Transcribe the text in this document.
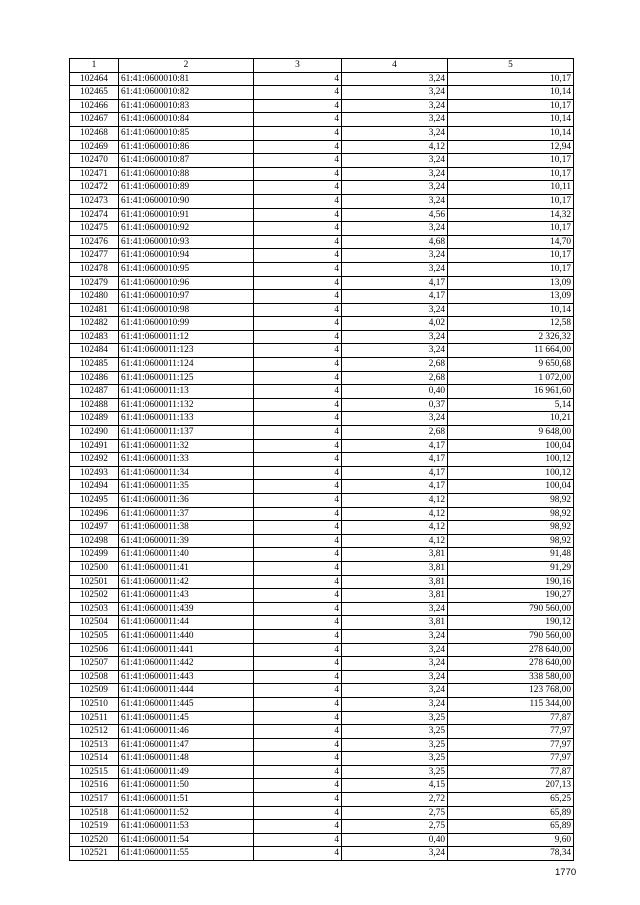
1	2	3	4	5
102464	61:41:0600010:81	4	3,24	10,17
102465	61:41:0600010:82	4	3,24	10,14
102466	61:41:0600010:83	4	3,24	10,17
102467	61:41:0600010:84	4	3,24	10,14
102468	61:41:0600010:85	4	3,24	10,14
102469	61:41:0600010:86	4	4,12	12,94
102470	61:41:0600010:87	4	3,24	10,17
102471	61:41:0600010:88	4	3,24	10,17
102472	61:41:0600010:89	4	3,24	10,11
102473	61:41:0600010:90	4	3,24	10,17
102474	61:41:0600010:91	4	4,56	14,32
102475	61:41:0600010:92	4	3,24	10,17
102476	61:41:0600010:93	4	4,68	14,70
102477	61:41:0600010:94	4	3,24	10,17
102478	61:41:0600010:95	4	3,24	10,17
102479	61:41:0600010:96	4	4,17	13,09
102480	61:41:0600010:97	4	4,17	13,09
102481	61:41:0600010:98	4	3,24	10,14
102482	61:41:0600010:99	4	4,02	12,58
102483	61:41:0600011:12	4	3,24	2 326,32
102484	61:41:0600011:123	4	3,24	11 664,00
102485	61:41:0600011:124	4	2,68	9 650,68
102486	61:41:0600011:125	4	2,68	1 072,00
102487	61:41:0600011:13	4	0,40	16 961,60
102488	61:41:0600011:132	4	0,37	5,14
102489	61:41:0600011:133	4	3,24	10,21
102490	61:41:0600011:137	4	2,68	9 648,00
102491	61:41:0600011:32	4	4,17	100,04
102492	61:41:0600011:33	4	4,17	100,12
102493	61:41:0600011:34	4	4,17	100,12
102494	61:41:0600011:35	4	4,17	100,04
102495	61:41:0600011:36	4	4,12	98,92
102496	61:41:0600011:37	4	4,12	98,92
102497	61:41:0600011:38	4	4,12	98,92
102498	61:41:0600011:39	4	4,12	98,92
102499	61:41:0600011:40	4	3,81	91,48
102500	61:41:0600011:41	4	3,81	91,29
102501	61:41:0600011:42	4	3,81	190,16
102502	61:41:0600011:43	4	3,81	190,27
102503	61:41:0600011:439	4	3,24	790 560,00
102504	61:41:0600011:44	4	3,81	190,12
102505	61:41:0600011:440	4	3,24	790 560,00
102506	61:41:0600011:441	4	3,24	278 640,00
102507	61:41:0600011:442	4	3,24	278 640,00
102508	61:41:0600011:443	4	3,24	338 580,00
102509	61:41:0600011:444	4	3,24	123 768,00
102510	61:41:0600011:445	4	3,24	115 344,00
102511	61:41:0600011:45	4	3,25	77,87
102512	61:41:0600011:46	4	3,25	77,97
102513	61:41:0600011:47	4	3,25	77,97
102514	61:41:0600011:48	4	3,25	77,97
102515	61:41:0600011:49	4	3,25	77,87
102516	61:41:0600011:50	4	4,15	207,13
102517	61:41:0600011:51	4	2,72	65,25
102518	61:41:0600011:52	4	2,75	65,89
102519	61:41:0600011:53	4	2,75	65,89
102520	61:41:0600011:54	4	0,40	9,60
102521	61:41:0600011:55	4	3,24	78,34
1770
